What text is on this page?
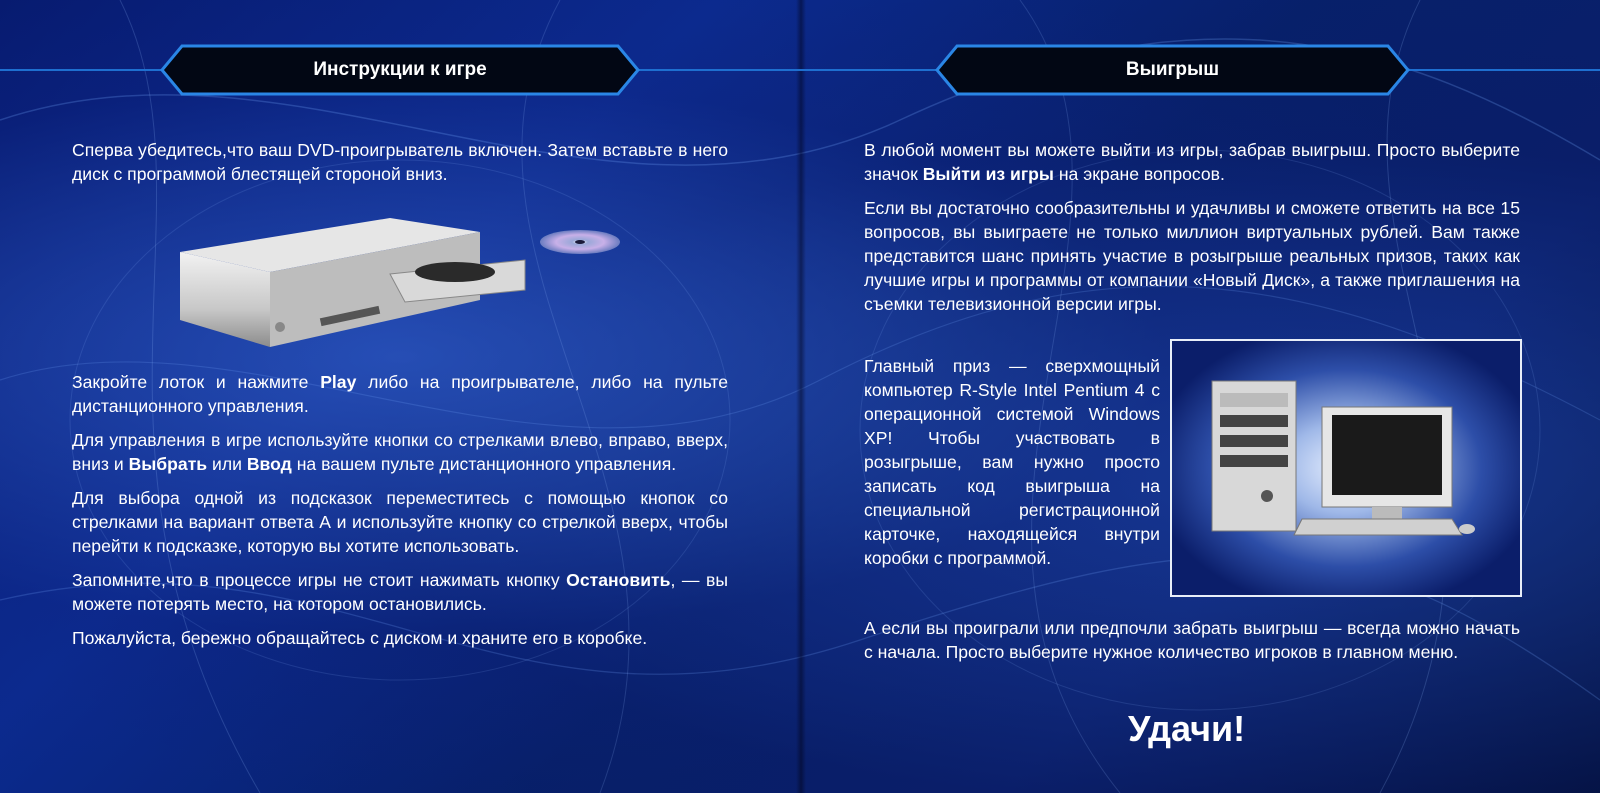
Инструкции к игре

Сперва убедитесь,что ваш DVD-проигрыватель включен. Затем вставьте в него диск с программой блестящей стороной вниз.

Закройте лоток и нажмите Play либо на проигрывателе, либо на пульте дистанционного управления.

Для управления в игре используйте кнопки со стрелками влево, вправо, вверх, вниз и Выбрать или Ввод на вашем пульте дистанционного управления.

Для выбора одной из подсказок переместитесь с помощью кнопок со стрелками на вариант ответа А и используйте кнопку со стрелкой вверх, чтобы перейти к подсказке, которую вы хотите использовать.

Запомните,что в процессе игры не стоит нажимать кнопку Остановить, — вы можете потерять место, на котором остановились.

Пожалуйста, бережно обращайтесь с диском и храните его в коробке.

Выигрыш

В любой момент вы можете выйти из игры, забрав выигрыш. Просто выберите значок Выйти из игры на экране вопросов.

Если вы достаточно сообразительны и удачливы и сможете ответить на все 15 вопросов, вы выиграете не только миллион виртуальных рублей. Вам также представится шанс принять участие в розыгрыше реальных призов, таких как лучшие игры и программы от компании «Новый Диск», а также приглашения на съемки телевизионной версии игры.

Главный приз — сверхмощный компьютер R-Style Intel Pentium 4 с операционной системой Windows XP! Чтобы участвовать в розыгрыше, вам нужно просто записать код выигрыша на специальной регистрационной карточке, находящейся внутри коробки с программой.

А если вы проиграли или предпочли забрать выигрыш — всегда можно начать с начала. Просто выберите нужное количество игроков в главном меню.

Удачи!
